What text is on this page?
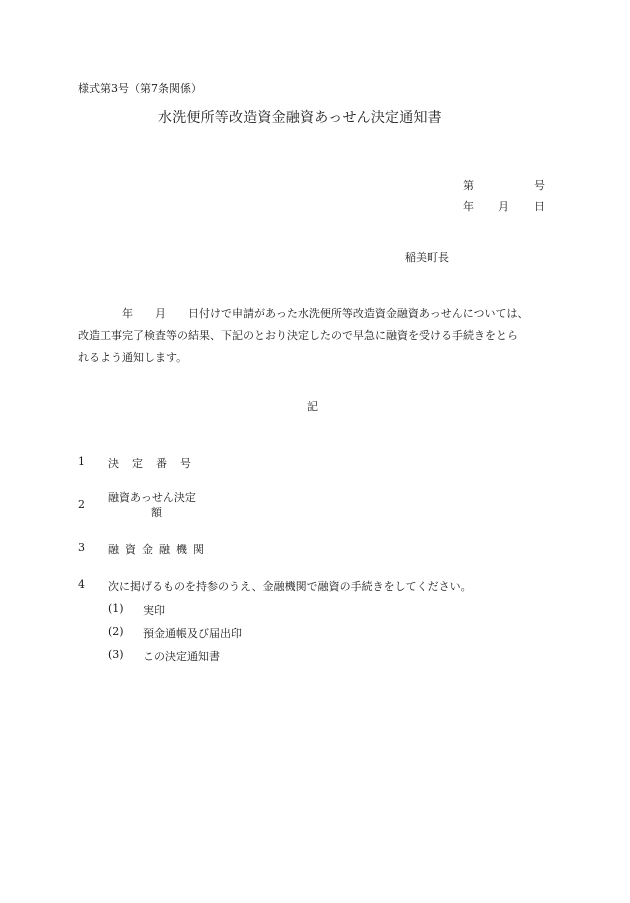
様式第3号（第7条関係）
水洗便所等改造資金融資あっせん決定通知書
第	号
年	月	日
稲美町長
　　　　年　　月　　日付けで申請があった水洗便所等改造資金融資あっせんについては、
改造工事完了検査等の結果、下記のとおり決定したので早急に融資を受ける手続きをとら
れるよう通知します。
記
1 決定番号
2
融資あっせん決定
額
3 融資金融機関
4 次に掲げるものを持参のうえ、金融機関で融資の手続きをしてください。
(1) 実印
(2) 預金通帳及び届出印
(3) この決定通知書
